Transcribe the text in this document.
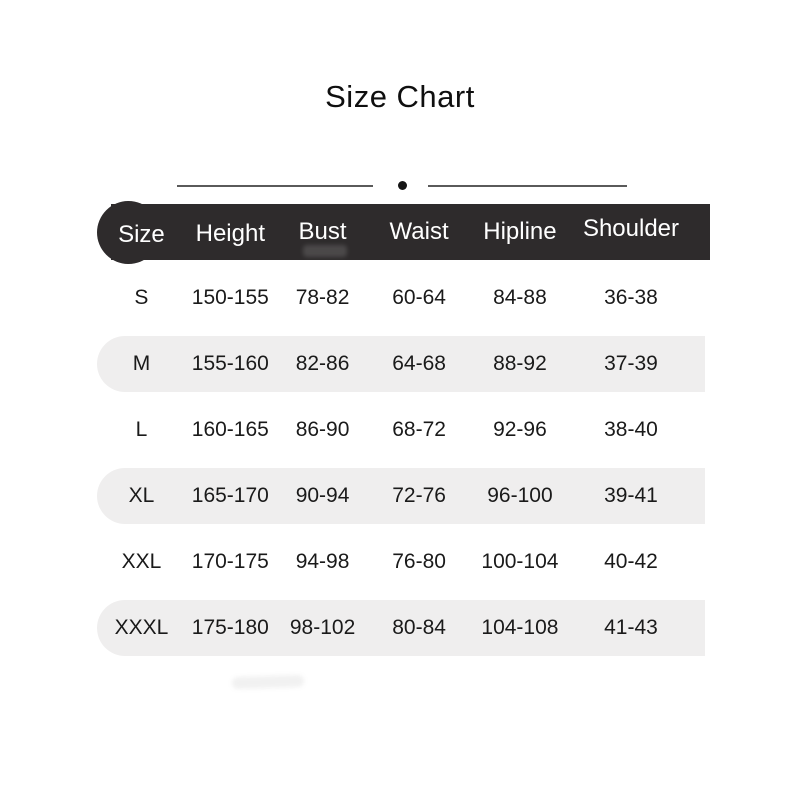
Size Chart
Size	Height	Bust	Waist	Hipline	Shoulder
S	150-155	78-82	60-64	84-88	36-38
M	155-160	82-86	64-68	88-92	37-39
L	160-165	86-90	68-72	92-96	38-40
XL	165-170	90-94	72-76	96-100	39-41
XXL	170-175	94-98	76-80	100-104	40-42
XXXL	175-180	98-102	80-84	104-108	41-43
